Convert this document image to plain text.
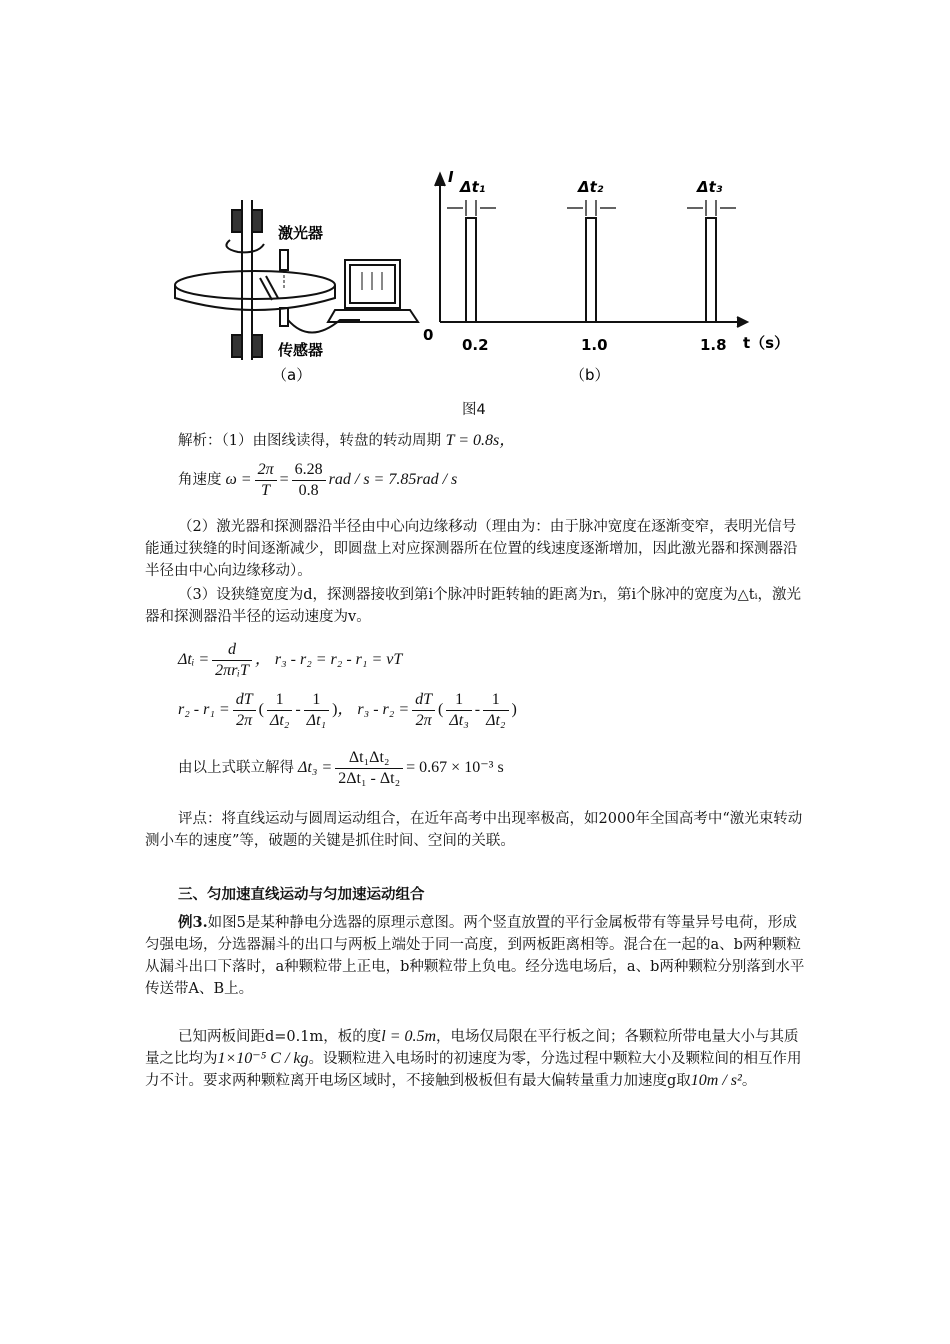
激光器
传感器
（a）
I
0
0.2	1.0	1.8 t（s）
Δt₁	Δt₂	Δt₃
（b）
图4
解析：（1）由图线读得，转盘的转动周期 T = 0.8s，
角速度 $\omega = \frac{2\pi}{T} = \frac{6.28}{0.8}$ rad / s = 7.85rad / s
（2）激光器和探测器沿半径由中心向边缘移动（理由为：由于脉冲宽度在逐渐变窄，表明光信号能通过狭缝的时间逐渐减少，即圆盘上对应探测器所在位置的线速度逐渐增加，因此激光器和探测器沿半径由中心向边缘移动）。
（3）设狭缝宽度为d，探测器接收到第i个脉冲时距转轴的距离为rᵢ，第i个脉冲的宽度为△tᵢ，激光器和探测器沿半径的运动速度为v。
Δtᵢ = $\frac{d}{\text{2πrᵢT}}$ ， r₃ - r₂ = r₂ - r₁ = vT
$r_2 - r_1 = \frac{dT}{2\pi}$ ( $\frac{1}{\text{Δt₂}} - \frac{1}{\text{Δt₁}}$ ) ， $r_3 - r_2 = \frac{dT}{2\pi}$ ( $\frac{1}{\text{Δt₃}} - \frac{1}{\text{Δt₂}}$ )
由以上式联立解得 $\Delta t_3 = \frac{\text{Δt₁Δt₂}}{\text{2Δt₁ - Δt₂}} = 0.67 \times 10^{-3}$ s
评点：将直线运动与圆周运动组合，在近年高考中出现率极高，如2000年全国高考中“激光束转动测小车的速度”等，破题的关键是抓住时间、空间的关联。
三、匀加速直线运动与匀加速运动组合
例3.如图5是某种静电分选器的原理示意图。两个竖直放置的平行金属板带有等量异号电荷，形成匀强电场，分选器漏斗的出口与两板上端处于同一高度，到两板距离相等。混合在一起的a、b两种颗粒从漏斗出口下落时，a种颗粒带上正电，b种颗粒带上负电。经分选电场后，a、b两种颗粒分别落到水平传送带A、B上。
已知两板间距d=0.1m，板的度l = 0.5m，电场仅局限在平行板之间；各颗粒所带电量大小与其质量之比均为1×10⁻⁵ C / kg。设颗粒进入电场时的初速度为零，分选过程中颗粒大小及颗粒间的相互作用力不计。要求两种颗粒离开电场区域时，不接触到极板但有最大偏转量重力加速度g取10m / s²。
